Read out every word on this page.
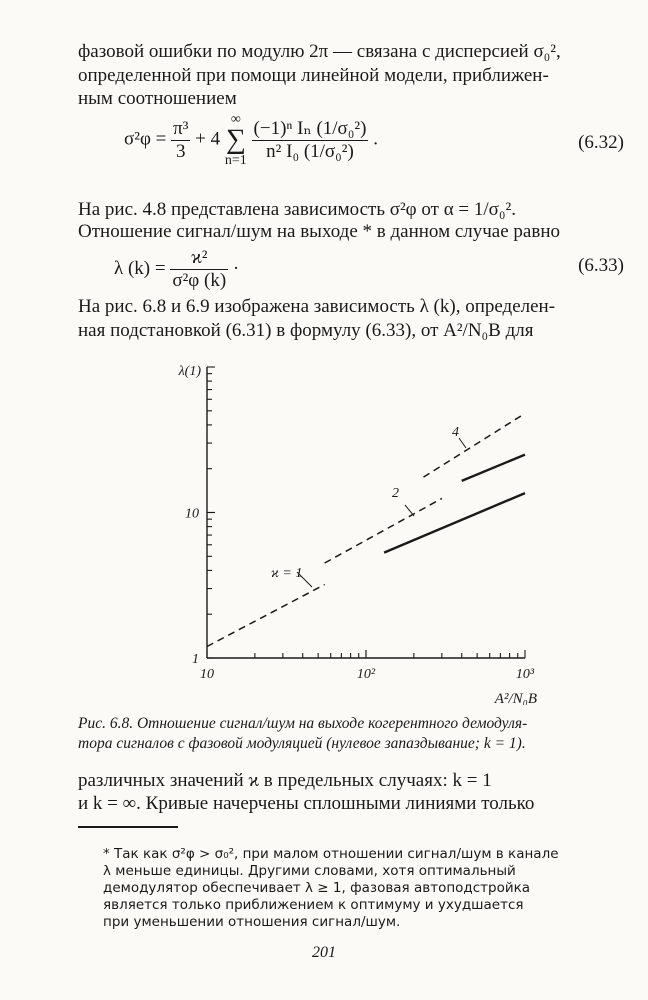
фазовой ошибки по модулю 2π — связана с дисперсией σ₀²,
определенной при помощи линейной модели, приближен-
ным соотношением
$\sigma^2\varphi = \frac{\text{π³}}{3} + 4$
∞
∑
n=1
$\frac{\text{(−1)ⁿ Iₙ (1/σ₀²)}}{\text{n² I₀ (1/σ₀²)}}$ .	(6.32)
На рис. 4.8 представлена зависимость σ²φ от α = 1/σ₀².
Отношение сигнал/шум на выходе * в данном случае равно
λ $(k) = \frac{\text{ϰ²}}{\text{σ²φ (k)}}$ ·	(6.33)
На рис. 6.8 и 6.9 изображена зависимость λ (k), определен-
ная подстановкой (6.31) в формулу (6.33), от A²/N₀B для
10	10²	10³
1
10
λ(1)
A²/N₀B
ϰ = 1
2
4
Рис. 6.8. Отношение сигнал/шум на выходе когерентного демодуля-
тора сигналов с фазовой модуляцией (нулевое запаздывание; k = 1).
различных значений ϰ в предельных случаях: k = 1
и k = ∞. Кривые начерчены сплошными линиями только
* Так как σ²φ > σ₀², при малом отношении сигнал/шум в канале
λ меньше единицы. Другими словами, хотя оптимальный
демодулятор обеспечивает λ ≥ 1, фазовая автоподстройка
является только приближением к оптимуму и ухудшается
при уменьшении отношения сигнал/шум.
201
